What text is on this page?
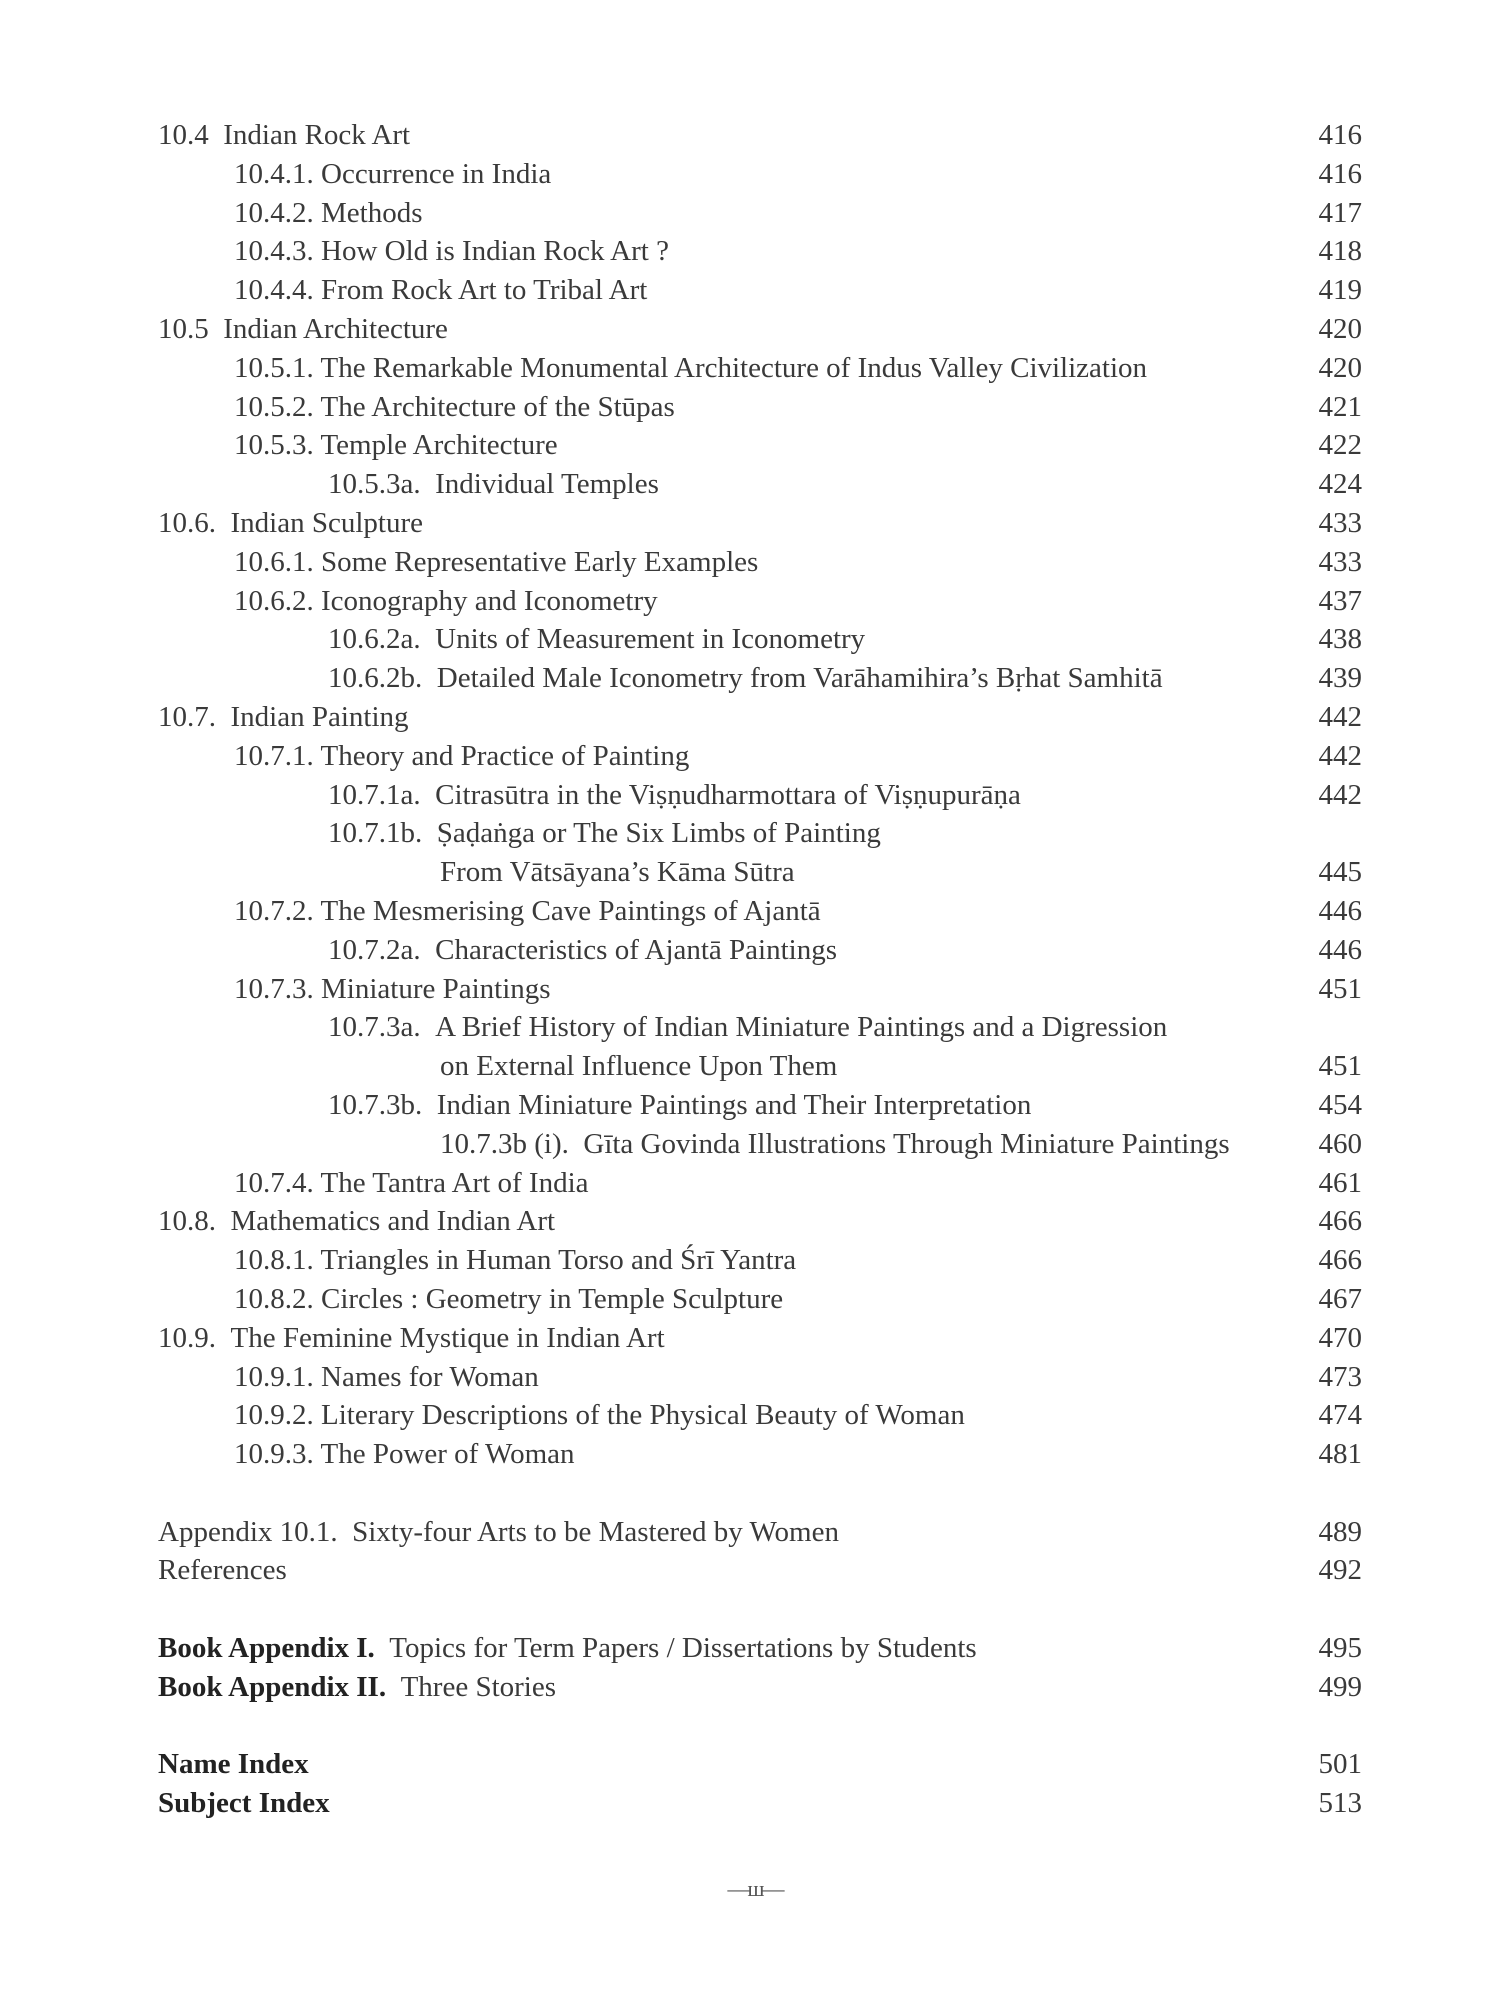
10.4 Indian Rock Art	416
10.4.1. Occurrence in India	416
10.4.2. Methods	417
10.4.3. How Old is Indian Rock Art ?	418
10.4.4. From Rock Art to Tribal Art	419
10.5 Indian Architecture	420
10.5.1. The Remarkable Monumental Architecture of Indus Valley Civilization	420
10.5.2. The Architecture of the Stūpas	421
10.5.3. Temple Architecture	422
10.5.3a. Individual Temples	424
10.6. Indian Sculpture	433
10.6.1. Some Representative Early Examples	433
10.6.2. Iconography and Iconometry	437
10.6.2a. Units of Measurement in Iconometry	438
10.6.2b. Detailed Male Iconometry from Varāhamihira’s Bṛhat Samhitā	439
10.7. Indian Painting	442
10.7.1. Theory and Practice of Painting	442
10.7.1a. Citrasūtra in the Viṣṇudharmottara of Viṣṇupurāṇa	442
10.7.1b. Ṣaḍaṅga or The Six Limbs of Painting
From Vātsāyana’s Kāma Sūtra	445
10.7.2. The Mesmerising Cave Paintings of Ajantā	446
10.7.2a. Characteristics of Ajantā Paintings	446
10.7.3. Miniature Paintings	451
10.7.3a. A Brief History of Indian Miniature Paintings and a Digression
on External Influence Upon Them	451
10.7.3b. Indian Miniature Paintings and Their Interpretation	454
10.7.3b (i). Gīta Govinda Illustrations Through Miniature Paintings	460
10.7.4. The Tantra Art of India	461
10.8. Mathematics and Indian Art	466
10.8.1. Triangles in Human Torso and Śrī Yantra	466
10.8.2. Circles : Geometry in Temple Sculpture	467
10.9. The Feminine Mystique in Indian Art	470
10.9.1. Names for Woman	473
10.9.2. Literary Descriptions of the Physical Beauty of Woman	474
10.9.3. The Power of Woman	481
Appendix 10.1. Sixty-four Arts to be Mastered by Women	489
References	492
Book Appendix I. Topics for Term Papers / Dissertations by Students	495
Book Appendix II. Three Stories	499
Name Index	501
Subject Index	513
—ш—
